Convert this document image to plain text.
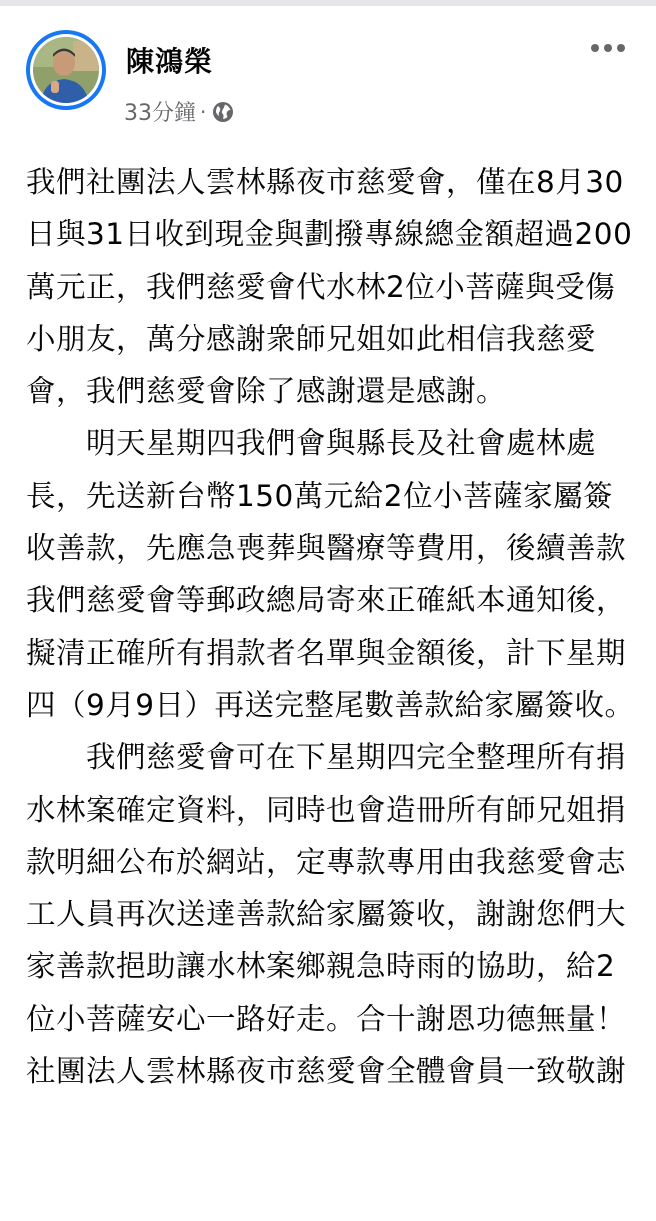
陳鴻榮
33分鐘 ·

我們社團法人雲林縣夜市慈愛會，僅在8月30日與31日收到現金與劃撥專線總金額超過200萬元正，我們慈愛會代水林2位小菩薩與受傷小朋友，萬分感謝衆師兄姐如此相信我慈愛會，我們慈愛會除了感謝還是感謝。

　　明天星期四我們會與縣長及社會處林處長，先送新台幣150萬元給2位小菩薩家屬簽收善款，先應急喪葬與醫療等費用，後續善款我們慈愛會等郵政總局寄來正確紙本通知後，擬清正確所有捐款者名單與金額後，計下星期四（9月9日）再送完整尾數善款給家屬簽收。

　　我們慈愛會可在下星期四完全整理所有捐水林案確定資料，同時也會造冊所有師兄姐捐款明細公布於網站，定專款專用由我慈愛會志工人員再次送達善款給家屬簽收，謝謝您們大家善款挹助讓水林案鄉親急時雨的協助，給2位小菩薩安心一路好走。合十謝恩功德無量！

社團法人雲林縣夜市慈愛會全體會員一致敬謝
